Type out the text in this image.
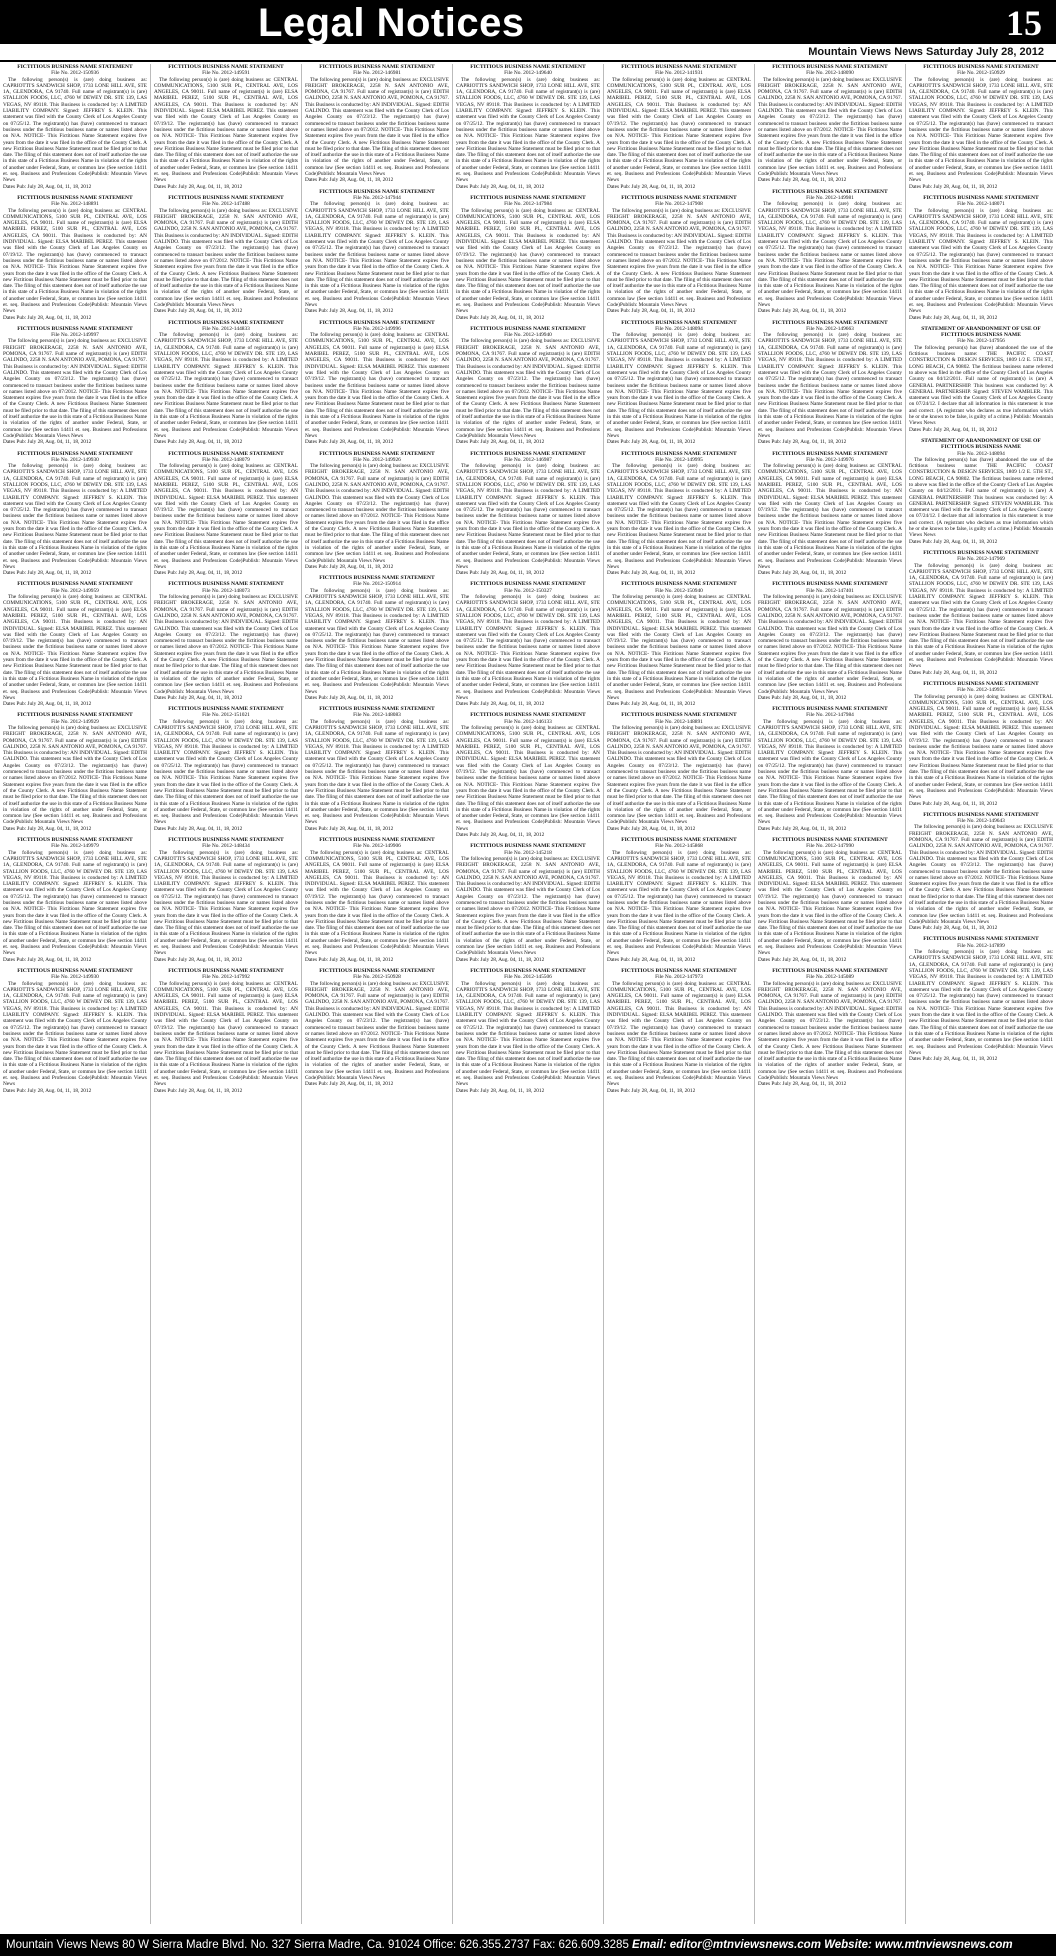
Legal Notices	15
Mountain Views News Saturday July 28, 2012
FICTITIOUS BUSINESS NAME STATEMENT
File No. 2012-150936
The following person(s) is (are) doing business as: CAPRIOTTI'S SANDWICH SHOP, 1733 LONE HILL AVE, STE 1A, GLENDORA, CA 91740. Full name of registrant(s) is (are) STALLION FOODS, LLC, 4760 W DEWEY DR. STE 139, LAS VEGAS, NV 89118. This Business is conducted by: A LIMITED LIABILITY COMPANY. Signed: JEFFREY S. KLEIN. This statement was filed with the County Clerk of Los Angeles County on 07/25/12. The registrant(s) has (have) commenced to transact business under the fictitious business name or names listed above on N/A. NOTICE- This Fictitious Name Statement expires five years from the date it was filed in the office of the County Clerk. A new Fictitious Business Name Statement must be filed prior to that date. The filing of this statement does not of itself authorize the use in this state of a Fictitious Business Name in violation of the rights of another under Federal, State, or common law (See section 14411 et. seq. Business and Professions Code)Publish: Mountain Views News
Dates Pub: July 28, Aug. 04, 11, 18, 2012
FICTITIOUS BUSINESS NAME STATEMENT
File No. 2012-148891
The following person(s) is (are) doing business as: CENTRAL COMMUNICATIONS, 5100 SUR PL, CENTRAL AVE, LOS ANGELES, CA 90011. Full name of registrant(s) is (are) ELSA MARIBEL PEREZ, 5100 SUR PL, CENTRAL AVE, LOS ANGELES, CA 90011. This Business is conducted by: AN INDIVIDUAL. Signed: ELSA MARIBEL PEREZ. This statement was filed with the County Clerk of Los Angeles County on 07/19/12. The registrant(s) has (have) commenced to transact business under the fictitious business name or names listed above on N/A. NOTICE- This Fictitious Name Statement expires five years from the date it was filed in the office of the County Clerk. A new Fictitious Business Name Statement must be filed prior to that date. The filing of this statement does not of itself authorize the use in this state of a Fictitious Business Name in violation of the rights of another under Federal, State, or common law (See section 14411 et. seq. Business and Professions Code)Publish: Mountain Views News
Dates Pub: July 28, Aug. 04, 11, 18, 2012
FICTITIOUS BUSINESS NAME STATEMENT
File No. 2012-149997
The following person(s) is (are) doing business as: EXCLUSIVE FREIGHT BROKERAGE, 2258 N. SAN ANTONIO AVE, POMONA, CA 91767. Full name of registrant(s) is (are) EDITH GALINDO, 2258 N. SAN ANTONIO AVE, POMONA, CA 91767. This Business is conducted by: AN INDIVIDUAL. Signed: EDITH GALINDO. This statement was filed with the County Clerk of Los Angeles County on 07/23/12. The registrant(s) has (have) commenced to transact business under the fictitious business name or names listed above on 07/2012. NOTICE- This Fictitious Name Statement expires five years from the date it was filed in the office of the County Clerk. A new Fictitious Business Name Statement must be filed prior to that date. The filing of this statement does not of itself authorize the use in this state of a Fictitious Business Name in violation of the rights of another under Federal, State, or common law (See section 14411 et. seq. Business and Professions Code)Publish: Mountain Views News
Dates Pub: July 28, Aug. 04, 11, 18, 2012
FICTITIOUS BUSINESS NAME STATEMENT
File No. 2012-149930
The following person(s) is (are) doing business as: CAPRIOTTI'S SANDWICH SHOP, 1733 LONE HILL AVE, STE 1A, GLENDORA, CA 91740. Full name of registrant(s) is (are) STALLION FOODS, LLC, 4760 W DEWEY DR. STE 139, LAS VEGAS, NV 89118. This Business is conducted by: A LIMITED LIABILITY COMPANY. Signed: JEFFREY S. KLEIN. This statement was filed with the County Clerk of Los Angeles County on 07/25/12. The registrant(s) has (have) commenced to transact business under the fictitious business name or names listed above on N/A. NOTICE- This Fictitious Name Statement expires five years from the date it was filed in the office of the County Clerk. A new Fictitious Business Name Statement must be filed prior to that date. The filing of this statement does not of itself authorize the use in this state of a Fictitious Business Name in violation of the rights of another under Federal, State, or common law (See section 14411 et. seq. Business and Professions Code)Publish: Mountain Views News
Dates Pub: July 28, Aug. 04, 11, 18, 2012
FICTITIOUS BUSINESS NAME STATEMENT
File No. 2012-149959
The following person(s) is (are) doing business as: CENTRAL COMMUNICATIONS, 5100 SUR PL, CENTRAL AVE, LOS ANGELES, CA 90011. Full name of registrant(s) is (are) ELSA MARIBEL PEREZ, 5100 SUR PL, CENTRAL AVE, LOS ANGELES, CA 90011. This Business is conducted by: AN INDIVIDUAL. Signed: ELSA MARIBEL PEREZ. This statement was filed with the County Clerk of Los Angeles County on 07/19/12. The registrant(s) has (have) commenced to transact business under the fictitious business name or names listed above on N/A. NOTICE- This Fictitious Name Statement expires five years from the date it was filed in the office of the County Clerk. A new Fictitious Business Name Statement must be filed prior to that date. The filing of this statement does not of itself authorize the use in this state of a Fictitious Business Name in violation of the rights of another under Federal, State, or common law (See section 14411 et. seq. Business and Professions Code)Publish: Mountain Views News
Dates Pub: July 28, Aug. 04, 11, 18, 2012
FICTITIOUS BUSINESS NAME STATEMENT
File No. 2012-149929
The following person(s) is (are) doing business as: EXCLUSIVE FREIGHT BROKERAGE, 2258 N. SAN ANTONIO AVE, POMONA, CA 91767. Full name of registrant(s) is (are) EDITH GALINDO, 2258 N. SAN ANTONIO AVE, POMONA, CA 91767. This Business is conducted by: AN INDIVIDUAL. Signed: EDITH GALINDO. This statement was filed with the County Clerk of Los Angeles County on 07/23/12. The registrant(s) has (have) commenced to transact business under the fictitious business name or names listed above on 07/2012. NOTICE- This Fictitious Name Statement expires five years from the date it was filed in the office of the County Clerk. A new Fictitious Business Name Statement must be filed prior to that date. The filing of this statement does not of itself authorize the use in this state of a Fictitious Business Name in violation of the rights of another under Federal, State, or common law (See section 14411 et. seq. Business and Professions Code)Publish: Mountain Views News
Dates Pub: July 28, Aug. 04, 11, 18, 2012
FICTITIOUS BUSINESS NAME STATEMENT
File No. 2012-149979
The following person(s) is (are) doing business as: CAPRIOTTI'S SANDWICH SHOP, 1733 LONE HILL AVE, STE 1A, GLENDORA, CA 91740. Full name of registrant(s) is (are) STALLION FOODS, LLC, 4760 W DEWEY DR. STE 139, LAS VEGAS, NV 89118. This Business is conducted by: A LIMITED LIABILITY COMPANY. Signed: JEFFREY S. KLEIN. This statement was filed with the County Clerk of Los Angeles County on 07/25/12. The registrant(s) has (have) commenced to transact business under the fictitious business name or names listed above on N/A. NOTICE- This Fictitious Name Statement expires five years from the date it was filed in the office of the County Clerk. A new Fictitious Business Name Statement must be filed prior to that date. The filing of this statement does not of itself authorize the use in this state of a Fictitious Business Name in violation of the rights of another under Federal, State, or common law (See section 14411 et. seq. Business and Professions Code)Publish: Mountain Views News
Dates Pub: July 28, Aug. 04, 11, 18, 2012
FICTITIOUS BUSINESS NAME STATEMENT
File No. 2012-149930
The following person(s) is (are) doing business as: CAPRIOTTI'S SANDWICH SHOP, 1733 LONE HILL AVE, STE 1A, GLENDORA, CA 91740. Full name of registrant(s) is (are) STALLION FOODS, LLC, 4760 W DEWEY DR. STE 139, LAS VEGAS, NV 89118. This Business is conducted by: A LIMITED LIABILITY COMPANY. Signed: JEFFREY S. KLEIN. This statement was filed with the County Clerk of Los Angeles County on 07/25/12. The registrant(s) has (have) commenced to transact business under the fictitious business name or names listed above on N/A. NOTICE- This Fictitious Name Statement expires five years from the date it was filed in the office of the County Clerk. A new Fictitious Business Name Statement must be filed prior to that date. The filing of this statement does not of itself authorize the use in this state of a Fictitious Business Name in violation of the rights of another under Federal, State, or common law (See section 14411 et. seq. Business and Professions Code)Publish: Mountain Views News
Dates Pub: July 28, Aug. 04, 11, 18, 2012
FICTITIOUS BUSINESS NAME STATEMENT
File No. 2012-149591
The following person(s) is (are) doing business as: CENTRAL COMMUNICATIONS, 5100 SUR PL, CENTRAL AVE, LOS ANGELES, CA 90011. Full name of registrant(s) is (are) ELSA MARIBEL PEREZ, 5100 SUR PL, CENTRAL AVE, LOS ANGELES, CA 90011. This Business is conducted by: AN INDIVIDUAL. Signed: ELSA MARIBEL PEREZ. This statement was filed with the County Clerk of Los Angeles County on 07/19/12. The registrant(s) has (have) commenced to transact business under the fictitious business name or names listed above on N/A. NOTICE- This Fictitious Name Statement expires five years from the date it was filed in the office of the County Clerk. A new Fictitious Business Name Statement must be filed prior to that date. The filing of this statement does not of itself authorize the use in this state of a Fictitious Business Name in violation of the rights of another under Federal, State, or common law (See section 14411 et. seq. Business and Professions Code)Publish: Mountain Views News
Dates Pub: July 28, Aug. 04, 11, 18, 2012
FICTITIOUS BUSINESS NAME STATEMENT
File No. 2012-147488
The following person(s) is (are) doing business as: EXCLUSIVE FREIGHT BROKERAGE, 2258 N. SAN ANTONIO AVE, POMONA, CA 91767. Full name of registrant(s) is (are) EDITH GALINDO, 2258 N. SAN ANTONIO AVE, POMONA, CA 91767. This Business is conducted by: AN INDIVIDUAL. Signed: EDITH GALINDO. This statement was filed with the County Clerk of Los Angeles County on 07/23/12. The registrant(s) has (have) commenced to transact business under the fictitious business name or names listed above on 07/2012. NOTICE- This Fictitious Name Statement expires five years from the date it was filed in the office of the County Clerk. A new Fictitious Business Name Statement must be filed prior to that date. The filing of this statement does not of itself authorize the use in this state of a Fictitious Business Name in violation of the rights of another under Federal, State, or common law (See section 14411 et. seq. Business and Professions Code)Publish: Mountain Views News
Dates Pub: July 28, Aug. 04, 11, 18, 2012
FICTITIOUS BUSINESS NAME STATEMENT
File No. 2012-144833
The following person(s) is (are) doing business as: CAPRIOTTI'S SANDWICH SHOP, 1733 LONE HILL AVE, STE 1A, GLENDORA, CA 91740. Full name of registrant(s) is (are) STALLION FOODS, LLC, 4760 W DEWEY DR. STE 139, LAS VEGAS, NV 89118. This Business is conducted by: A LIMITED LIABILITY COMPANY. Signed: JEFFREY S. KLEIN. This statement was filed with the County Clerk of Los Angeles County on 07/25/12. The registrant(s) has (have) commenced to transact business under the fictitious business name or names listed above on N/A. NOTICE- This Fictitious Name Statement expires five years from the date it was filed in the office of the County Clerk. A new Fictitious Business Name Statement must be filed prior to that date. The filing of this statement does not of itself authorize the use in this state of a Fictitious Business Name in violation of the rights of another under Federal, State, or common law (See section 14411 et. seq. Business and Professions Code)Publish: Mountain Views News
Dates Pub: July 28, Aug. 04, 11, 18, 2012
FICTITIOUS BUSINESS NAME STATEMENT
File No. 2012-148079
The following person(s) is (are) doing business as: CENTRAL COMMUNICATIONS, 5100 SUR PL, CENTRAL AVE, LOS ANGELES, CA 90011. Full name of registrant(s) is (are) ELSA MARIBEL PEREZ, 5100 SUR PL, CENTRAL AVE, LOS ANGELES, CA 90011. This Business is conducted by: AN INDIVIDUAL. Signed: ELSA MARIBEL PEREZ. This statement was filed with the County Clerk of Los Angeles County on 07/19/12. The registrant(s) has (have) commenced to transact business under the fictitious business name or names listed above on N/A. NOTICE- This Fictitious Name Statement expires five years from the date it was filed in the office of the County Clerk. A new Fictitious Business Name Statement must be filed prior to that date. The filing of this statement does not of itself authorize the use in this state of a Fictitious Business Name in violation of the rights of another under Federal, State, or common law (See section 14411 et. seq. Business and Professions Code)Publish: Mountain Views News
Dates Pub: July 28, Aug. 04, 11, 18, 2012
FICTITIOUS BUSINESS NAME STATEMENT
File No. 2012-148073
The following person(s) is (are) doing business as: EXCLUSIVE FREIGHT BROKERAGE, 2258 N. SAN ANTONIO AVE, POMONA, CA 91767. Full name of registrant(s) is (are) EDITH GALINDO, 2258 N. SAN ANTONIO AVE, POMONA, CA 91767. This Business is conducted by: AN INDIVIDUAL. Signed: EDITH GALINDO. This statement was filed with the County Clerk of Los Angeles County on 07/23/12. The registrant(s) has (have) commenced to transact business under the fictitious business name or names listed above on 07/2012. NOTICE- This Fictitious Name Statement expires five years from the date it was filed in the office of the County Clerk. A new Fictitious Business Name Statement must be filed prior to that date. The filing of this statement does not of itself authorize the use in this state of a Fictitious Business Name in violation of the rights of another under Federal, State, or common law (See section 14411 et. seq. Business and Professions Code)Publish: Mountain Views News
Dates Pub: July 28, Aug. 04, 11, 18, 2012
FICTITIOUS BUSINESS NAME STATEMENT
File No. 2012-151021
The following person(s) is (are) doing business as: CAPRIOTTI'S SANDWICH SHOP, 1733 LONE HILL AVE, STE 1A, GLENDORA, CA 91740. Full name of registrant(s) is (are) STALLION FOODS, LLC, 4760 W DEWEY DR. STE 139, LAS VEGAS, NV 89118. This Business is conducted by: A LIMITED LIABILITY COMPANY. Signed: JEFFREY S. KLEIN. This statement was filed with the County Clerk of Los Angeles County on 07/25/12. The registrant(s) has (have) commenced to transact business under the fictitious business name or names listed above on N/A. NOTICE- This Fictitious Name Statement expires five years from the date it was filed in the office of the County Clerk. A new Fictitious Business Name Statement must be filed prior to that date. The filing of this statement does not of itself authorize the use in this state of a Fictitious Business Name in violation of the rights of another under Federal, State, or common law (See section 14411 et. seq. Business and Professions Code)Publish: Mountain Views News
Dates Pub: July 28, Aug. 04, 11, 18, 2012
FICTITIOUS BUSINESS NAME STATEMENT
File No. 2012-148434
The following person(s) is (are) doing business as: CAPRIOTTI'S SANDWICH SHOP, 1733 LONE HILL AVE, STE 1A, GLENDORA, CA 91740. Full name of registrant(s) is (are) STALLION FOODS, LLC, 4760 W DEWEY DR. STE 139, LAS VEGAS, NV 89118. This Business is conducted by: A LIMITED LIABILITY COMPANY. Signed: JEFFREY S. KLEIN. This statement was filed with the County Clerk of Los Angeles County on 07/25/12. The registrant(s) has (have) commenced to transact business under the fictitious business name or names listed above on N/A. NOTICE- This Fictitious Name Statement expires five years from the date it was filed in the office of the County Clerk. A new Fictitious Business Name Statement must be filed prior to that date. The filing of this statement does not of itself authorize the use in this state of a Fictitious Business Name in violation of the rights of another under Federal, State, or common law (See section 14411 et. seq. Business and Professions Code)Publish: Mountain Views News
Dates Pub: July 28, Aug. 04, 11, 18, 2012
FICTITIOUS BUSINESS NAME STATEMENT
File No. 2012-147992
The following person(s) is (are) doing business as: CENTRAL COMMUNICATIONS, 5100 SUR PL, CENTRAL AVE, LOS ANGELES, CA 90011. Full name of registrant(s) is (are) ELSA MARIBEL PEREZ, 5100 SUR PL, CENTRAL AVE, LOS ANGELES, CA 90011. This Business is conducted by: AN INDIVIDUAL. Signed: ELSA MARIBEL PEREZ. This statement was filed with the County Clerk of Los Angeles County on 07/19/12. The registrant(s) has (have) commenced to transact business under the fictitious business name or names listed above on N/A. NOTICE- This Fictitious Name Statement expires five years from the date it was filed in the office of the County Clerk. A new Fictitious Business Name Statement must be filed prior to that date. The filing of this statement does not of itself authorize the use in this state of a Fictitious Business Name in violation of the rights of another under Federal, State, or common law (See section 14411 et. seq. Business and Professions Code)Publish: Mountain Views News
Dates Pub: July 28, Aug. 04, 11, 18, 2012
FICTITIOUS BUSINESS NAME STATEMENT
File No. 2012-146981
The following person(s) is (are) doing business as: EXCLUSIVE FREIGHT BROKERAGE, 2258 N. SAN ANTONIO AVE, POMONA, CA 91767. Full name of registrant(s) is (are) EDITH GALINDO, 2258 N. SAN ANTONIO AVE, POMONA, CA 91767. This Business is conducted by: AN INDIVIDUAL. Signed: EDITH GALINDO. This statement was filed with the County Clerk of Los Angeles County on 07/23/12. The registrant(s) has (have) commenced to transact business under the fictitious business name or names listed above on 07/2012. NOTICE- This Fictitious Name Statement expires five years from the date it was filed in the office of the County Clerk. A new Fictitious Business Name Statement must be filed prior to that date. The filing of this statement does not of itself authorize the use in this state of a Fictitious Business Name in violation of the rights of another under Federal, State, or common law (See section 14411 et. seq. Business and Professions Code)Publish: Mountain Views News
Dates Pub: July 28, Aug. 04, 11, 18, 2012
FICTITIOUS BUSINESS NAME STATEMENT
File No. 2012-147944
The following person(s) is (are) doing business as: CAPRIOTTI'S SANDWICH SHOP, 1733 LONE HILL AVE, STE 1A, GLENDORA, CA 91740. Full name of registrant(s) is (are) STALLION FOODS, LLC, 4760 W DEWEY DR. STE 139, LAS VEGAS, NV 89118. This Business is conducted by: A LIMITED LIABILITY COMPANY. Signed: JEFFREY S. KLEIN. This statement was filed with the County Clerk of Los Angeles County on 07/25/12. The registrant(s) has (have) commenced to transact business under the fictitious business name or names listed above on N/A. NOTICE- This Fictitious Name Statement expires five years from the date it was filed in the office of the County Clerk. A new Fictitious Business Name Statement must be filed prior to that date. The filing of this statement does not of itself authorize the use in this state of a Fictitious Business Name in violation of the rights of another under Federal, State, or common law (See section 14411 et. seq. Business and Professions Code)Publish: Mountain Views News
Dates Pub: July 28, Aug. 04, 11, 18, 2012
FICTITIOUS BUSINESS NAME STATEMENT
File No. 2012-149996
The following person(s) is (are) doing business as: CENTRAL COMMUNICATIONS, 5100 SUR PL, CENTRAL AVE, LOS ANGELES, CA 90011. Full name of registrant(s) is (are) ELSA MARIBEL PEREZ, 5100 SUR PL, CENTRAL AVE, LOS ANGELES, CA 90011. This Business is conducted by: AN INDIVIDUAL. Signed: ELSA MARIBEL PEREZ. This statement was filed with the County Clerk of Los Angeles County on 07/19/12. The registrant(s) has (have) commenced to transact business under the fictitious business name or names listed above on N/A. NOTICE- This Fictitious Name Statement expires five years from the date it was filed in the office of the County Clerk. A new Fictitious Business Name Statement must be filed prior to that date. The filing of this statement does not of itself authorize the use in this state of a Fictitious Business Name in violation of the rights of another under Federal, State, or common law (See section 14411 et. seq. Business and Professions Code)Publish: Mountain Views News
Dates Pub: July 28, Aug. 04, 11, 18, 2012
FICTITIOUS BUSINESS NAME STATEMENT
File No. 2012-149926
The following person(s) is (are) doing business as: EXCLUSIVE FREIGHT BROKERAGE, 2258 N. SAN ANTONIO AVE, POMONA, CA 91767. Full name of registrant(s) is (are) EDITH GALINDO, 2258 N. SAN ANTONIO AVE, POMONA, CA 91767. This Business is conducted by: AN INDIVIDUAL. Signed: EDITH GALINDO. This statement was filed with the County Clerk of Los Angeles County on 07/23/12. The registrant(s) has (have) commenced to transact business under the fictitious business name or names listed above on 07/2012. NOTICE- This Fictitious Name Statement expires five years from the date it was filed in the office of the County Clerk. A new Fictitious Business Name Statement must be filed prior to that date. The filing of this statement does not of itself authorize the use in this state of a Fictitious Business Name in violation of the rights of another under Federal, State, or common law (See section 14411 et. seq. Business and Professions Code)Publish: Mountain Views News
Dates Pub: July 28, Aug. 04, 11, 18, 2012
FICTITIOUS BUSINESS NAME STATEMENT
File No. 2012-150914
The following person(s) is (are) doing business as: CAPRIOTTI'S SANDWICH SHOP, 1733 LONE HILL AVE, STE 1A, GLENDORA, CA 91740. Full name of registrant(s) is (are) STALLION FOODS, LLC, 4760 W DEWEY DR. STE 139, LAS VEGAS, NV 89118. This Business is conducted by: A LIMITED LIABILITY COMPANY. Signed: JEFFREY S. KLEIN. This statement was filed with the County Clerk of Los Angeles County on 07/25/12. The registrant(s) has (have) commenced to transact business under the fictitious business name or names listed above on N/A. NOTICE- This Fictitious Name Statement expires five years from the date it was filed in the office of the County Clerk. A new Fictitious Business Name Statement must be filed prior to that date. The filing of this statement does not of itself authorize the use in this state of a Fictitious Business Name in violation of the rights of another under Federal, State, or common law (See section 14411 et. seq. Business and Professions Code)Publish: Mountain Views News
Dates Pub: July 28, Aug. 04, 11, 18, 2012
FICTITIOUS BUSINESS NAME STATEMENT
File No. 2012-148083
The following person(s) is (are) doing business as: CAPRIOTTI'S SANDWICH SHOP, 1733 LONE HILL AVE, STE 1A, GLENDORA, CA 91740. Full name of registrant(s) is (are) STALLION FOODS, LLC, 4760 W DEWEY DR. STE 139, LAS VEGAS, NV 89118. This Business is conducted by: A LIMITED LIABILITY COMPANY. Signed: JEFFREY S. KLEIN. This statement was filed with the County Clerk of Los Angeles County on 07/25/12. The registrant(s) has (have) commenced to transact business under the fictitious business name or names listed above on N/A. NOTICE- This Fictitious Name Statement expires five years from the date it was filed in the office of the County Clerk. A new Fictitious Business Name Statement must be filed prior to that date. The filing of this statement does not of itself authorize the use in this state of a Fictitious Business Name in violation of the rights of another under Federal, State, or common law (See section 14411 et. seq. Business and Professions Code)Publish: Mountain Views News
Dates Pub: July 28, Aug. 04, 11, 18, 2012
FICTITIOUS BUSINESS NAME STATEMENT
File No. 2012-149906
The following person(s) is (are) doing business as: CENTRAL COMMUNICATIONS, 5100 SUR PL, CENTRAL AVE, LOS ANGELES, CA 90011. Full name of registrant(s) is (are) ELSA MARIBEL PEREZ, 5100 SUR PL, CENTRAL AVE, LOS ANGELES, CA 90011. This Business is conducted by: AN INDIVIDUAL. Signed: ELSA MARIBEL PEREZ. This statement was filed with the County Clerk of Los Angeles County on 07/19/12. The registrant(s) has (have) commenced to transact business under the fictitious business name or names listed above on N/A. NOTICE- This Fictitious Name Statement expires five years from the date it was filed in the office of the County Clerk. A new Fictitious Business Name Statement must be filed prior to that date. The filing of this statement does not of itself authorize the use in this state of a Fictitious Business Name in violation of the rights of another under Federal, State, or common law (See section 14411 et. seq. Business and Professions Code)Publish: Mountain Views News
Dates Pub: July 28, Aug. 04, 11, 18, 2012
FICTITIOUS BUSINESS NAME STATEMENT
File No. 2012-150928
The following person(s) is (are) doing business as: EXCLUSIVE FREIGHT BROKERAGE, 2258 N. SAN ANTONIO AVE, POMONA, CA 91767. Full name of registrant(s) is (are) EDITH GALINDO, 2258 N. SAN ANTONIO AVE, POMONA, CA 91767. This Business is conducted by: AN INDIVIDUAL. Signed: EDITH GALINDO. This statement was filed with the County Clerk of Los Angeles County on 07/23/12. The registrant(s) has (have) commenced to transact business under the fictitious business name or names listed above on 07/2012. NOTICE- This Fictitious Name Statement expires five years from the date it was filed in the office of the County Clerk. A new Fictitious Business Name Statement must be filed prior to that date. The filing of this statement does not of itself authorize the use in this state of a Fictitious Business Name in violation of the rights of another under Federal, State, or common law (See section 14411 et. seq. Business and Professions Code)Publish: Mountain Views News
Dates Pub: July 28, Aug. 04, 11, 18, 2012
FICTITIOUS BUSINESS NAME STATEMENT
File No. 2012-149640
The following person(s) is (are) doing business as: CAPRIOTTI'S SANDWICH SHOP, 1733 LONE HILL AVE, STE 1A, GLENDORA, CA 91740. Full name of registrant(s) is (are) STALLION FOODS, LLC, 4760 W DEWEY DR. STE 139, LAS VEGAS, NV 89118. This Business is conducted by: A LIMITED LIABILITY COMPANY. Signed: JEFFREY S. KLEIN. This statement was filed with the County Clerk of Los Angeles County on 07/25/12. The registrant(s) has (have) commenced to transact business under the fictitious business name or names listed above on N/A. NOTICE- This Fictitious Name Statement expires five years from the date it was filed in the office of the County Clerk. A new Fictitious Business Name Statement must be filed prior to that date. The filing of this statement does not of itself authorize the use in this state of a Fictitious Business Name in violation of the rights of another under Federal, State, or common law (See section 14411 et. seq. Business and Professions Code)Publish: Mountain Views News
Dates Pub: July 28, Aug. 04, 11, 18, 2012
FICTITIOUS BUSINESS NAME STATEMENT
File No. 2012-147984
The following person(s) is (are) doing business as: CENTRAL COMMUNICATIONS, 5100 SUR PL, CENTRAL AVE, LOS ANGELES, CA 90011. Full name of registrant(s) is (are) ELSA MARIBEL PEREZ, 5100 SUR PL, CENTRAL AVE, LOS ANGELES, CA 90011. This Business is conducted by: AN INDIVIDUAL. Signed: ELSA MARIBEL PEREZ. This statement was filed with the County Clerk of Los Angeles County on 07/19/12. The registrant(s) has (have) commenced to transact business under the fictitious business name or names listed above on N/A. NOTICE- This Fictitious Name Statement expires five years from the date it was filed in the office of the County Clerk. A new Fictitious Business Name Statement must be filed prior to that date. The filing of this statement does not of itself authorize the use in this state of a Fictitious Business Name in violation of the rights of another under Federal, State, or common law (See section 14411 et. seq. Business and Professions Code)Publish: Mountain Views News
Dates Pub: July 28, Aug. 04, 11, 18, 2012
FICTITIOUS BUSINESS NAME STATEMENT
File No. 2012-149940
The following person(s) is (are) doing business as: EXCLUSIVE FREIGHT BROKERAGE, 2258 N. SAN ANTONIO AVE, POMONA, CA 91767. Full name of registrant(s) is (are) EDITH GALINDO, 2258 N. SAN ANTONIO AVE, POMONA, CA 91767. This Business is conducted by: AN INDIVIDUAL. Signed: EDITH GALINDO. This statement was filed with the County Clerk of Los Angeles County on 07/23/12. The registrant(s) has (have) commenced to transact business under the fictitious business name or names listed above on 07/2012. NOTICE- This Fictitious Name Statement expires five years from the date it was filed in the office of the County Clerk. A new Fictitious Business Name Statement must be filed prior to that date. The filing of this statement does not of itself authorize the use in this state of a Fictitious Business Name in violation of the rights of another under Federal, State, or common law (See section 14411 et. seq. Business and Professions Code)Publish: Mountain Views News
Dates Pub: July 28, Aug. 04, 11, 18, 2012
FICTITIOUS BUSINESS NAME STATEMENT
File No. 2012-146987
The following person(s) is (are) doing business as: CAPRIOTTI'S SANDWICH SHOP, 1733 LONE HILL AVE, STE 1A, GLENDORA, CA 91740. Full name of registrant(s) is (are) STALLION FOODS, LLC, 4760 W DEWEY DR. STE 139, LAS VEGAS, NV 89118. This Business is conducted by: A LIMITED LIABILITY COMPANY. Signed: JEFFREY S. KLEIN. This statement was filed with the County Clerk of Los Angeles County on 07/25/12. The registrant(s) has (have) commenced to transact business under the fictitious business name or names listed above on N/A. NOTICE- This Fictitious Name Statement expires five years from the date it was filed in the office of the County Clerk. A new Fictitious Business Name Statement must be filed prior to that date. The filing of this statement does not of itself authorize the use in this state of a Fictitious Business Name in violation of the rights of another under Federal, State, or common law (See section 14411 et. seq. Business and Professions Code)Publish: Mountain Views News
Dates Pub: July 28, Aug. 04, 11, 18, 2012
FICTITIOUS BUSINESS NAME STATEMENT
File No. 2012-150327
The following person(s) is (are) doing business as: CAPRIOTTI'S SANDWICH SHOP, 1733 LONE HILL AVE, STE 1A, GLENDORA, CA 91740. Full name of registrant(s) is (are) STALLION FOODS, LLC, 4760 W DEWEY DR. STE 139, LAS VEGAS, NV 89118. This Business is conducted by: A LIMITED LIABILITY COMPANY. Signed: JEFFREY S. KLEIN. This statement was filed with the County Clerk of Los Angeles County on 07/25/12. The registrant(s) has (have) commenced to transact business under the fictitious business name or names listed above on N/A. NOTICE- This Fictitious Name Statement expires five years from the date it was filed in the office of the County Clerk. A new Fictitious Business Name Statement must be filed prior to that date. The filing of this statement does not of itself authorize the use in this state of a Fictitious Business Name in violation of the rights of another under Federal, State, or common law (See section 14411 et. seq. Business and Professions Code)Publish: Mountain Views News
Dates Pub: July 28, Aug. 04, 11, 18, 2012
FICTITIOUS BUSINESS NAME STATEMENT
File No. 2012-146133
The following person(s) is (are) doing business as: CENTRAL COMMUNICATIONS, 5100 SUR PL, CENTRAL AVE, LOS ANGELES, CA 90011. Full name of registrant(s) is (are) ELSA MARIBEL PEREZ, 5100 SUR PL, CENTRAL AVE, LOS ANGELES, CA 90011. This Business is conducted by: AN INDIVIDUAL. Signed: ELSA MARIBEL PEREZ. This statement was filed with the County Clerk of Los Angeles County on 07/19/12. The registrant(s) has (have) commenced to transact business under the fictitious business name or names listed above on N/A. NOTICE- This Fictitious Name Statement expires five years from the date it was filed in the office of the County Clerk. A new Fictitious Business Name Statement must be filed prior to that date. The filing of this statement does not of itself authorize the use in this state of a Fictitious Business Name in violation of the rights of another under Federal, State, or common law (See section 14411 et. seq. Business and Professions Code)Publish: Mountain Views News
Dates Pub: July 28, Aug. 04, 11, 18, 2012
FICTITIOUS BUSINESS NAME STATEMENT
File No. 2012-145218
The following person(s) is (are) doing business as: EXCLUSIVE FREIGHT BROKERAGE, 2258 N. SAN ANTONIO AVE, POMONA, CA 91767. Full name of registrant(s) is (are) EDITH GALINDO, 2258 N. SAN ANTONIO AVE, POMONA, CA 91767. This Business is conducted by: AN INDIVIDUAL. Signed: EDITH GALINDO. This statement was filed with the County Clerk of Los Angeles County on 07/23/12. The registrant(s) has (have) commenced to transact business under the fictitious business name or names listed above on 07/2012. NOTICE- This Fictitious Name Statement expires five years from the date it was filed in the office of the County Clerk. A new Fictitious Business Name Statement must be filed prior to that date. The filing of this statement does not of itself authorize the use in this state of a Fictitious Business Name in violation of the rights of another under Federal, State, or common law (See section 14411 et. seq. Business and Professions Code)Publish: Mountain Views News
Dates Pub: July 28, Aug. 04, 11, 18, 2012
FICTITIOUS BUSINESS NAME STATEMENT
File No. 2012-145506
The following person(s) is (are) doing business as: CAPRIOTTI'S SANDWICH SHOP, 1733 LONE HILL AVE, STE 1A, GLENDORA, CA 91740. Full name of registrant(s) is (are) STALLION FOODS, LLC, 4760 W DEWEY DR. STE 139, LAS VEGAS, NV 89118. This Business is conducted by: A LIMITED LIABILITY COMPANY. Signed: JEFFREY S. KLEIN. This statement was filed with the County Clerk of Los Angeles County on 07/25/12. The registrant(s) has (have) commenced to transact business under the fictitious business name or names listed above on N/A. NOTICE- This Fictitious Name Statement expires five years from the date it was filed in the office of the County Clerk. A new Fictitious Business Name Statement must be filed prior to that date. The filing of this statement does not of itself authorize the use in this state of a Fictitious Business Name in violation of the rights of another under Federal, State, or common law (See section 14411 et. seq. Business and Professions Code)Publish: Mountain Views News
Dates Pub: July 28, Aug. 04, 11, 18, 2012
FICTITIOUS BUSINESS NAME STATEMENT
File No. 2012-141931
The following person(s) is (are) doing business as: CENTRAL COMMUNICATIONS, 5100 SUR PL, CENTRAL AVE, LOS ANGELES, CA 90011. Full name of registrant(s) is (are) ELSA MARIBEL PEREZ, 5100 SUR PL, CENTRAL AVE, LOS ANGELES, CA 90011. This Business is conducted by: AN INDIVIDUAL. Signed: ELSA MARIBEL PEREZ. This statement was filed with the County Clerk of Los Angeles County on 07/19/12. The registrant(s) has (have) commenced to transact business under the fictitious business name or names listed above on N/A. NOTICE- This Fictitious Name Statement expires five years from the date it was filed in the office of the County Clerk. A new Fictitious Business Name Statement must be filed prior to that date. The filing of this statement does not of itself authorize the use in this state of a Fictitious Business Name in violation of the rights of another under Federal, State, or common law (See section 14411 et. seq. Business and Professions Code)Publish: Mountain Views News
Dates Pub: July 28, Aug. 04, 11, 18, 2012
FICTITIOUS BUSINESS NAME STATEMENT
File No. 2012-147908
The following person(s) is (are) doing business as: EXCLUSIVE FREIGHT BROKERAGE, 2258 N. SAN ANTONIO AVE, POMONA, CA 91767. Full name of registrant(s) is (are) EDITH GALINDO, 2258 N. SAN ANTONIO AVE, POMONA, CA 91767. This Business is conducted by: AN INDIVIDUAL. Signed: EDITH GALINDO. This statement was filed with the County Clerk of Los Angeles County on 07/23/12. The registrant(s) has (have) commenced to transact business under the fictitious business name or names listed above on 07/2012. NOTICE- This Fictitious Name Statement expires five years from the date it was filed in the office of the County Clerk. A new Fictitious Business Name Statement must be filed prior to that date. The filing of this statement does not of itself authorize the use in this state of a Fictitious Business Name in violation of the rights of another under Federal, State, or common law (See section 14411 et. seq. Business and Professions Code)Publish: Mountain Views News
Dates Pub: July 28, Aug. 04, 11, 18, 2012
FICTITIOUS BUSINESS NAME STATEMENT
File No. 2012-148094
The following person(s) is (are) doing business as: CAPRIOTTI'S SANDWICH SHOP, 1733 LONE HILL AVE, STE 1A, GLENDORA, CA 91740. Full name of registrant(s) is (are) STALLION FOODS, LLC, 4760 W DEWEY DR. STE 139, LAS VEGAS, NV 89118. This Business is conducted by: A LIMITED LIABILITY COMPANY. Signed: JEFFREY S. KLEIN. This statement was filed with the County Clerk of Los Angeles County on 07/25/12. The registrant(s) has (have) commenced to transact business under the fictitious business name or names listed above on N/A. NOTICE- This Fictitious Name Statement expires five years from the date it was filed in the office of the County Clerk. A new Fictitious Business Name Statement must be filed prior to that date. The filing of this statement does not of itself authorize the use in this state of a Fictitious Business Name in violation of the rights of another under Federal, State, or common law (See section 14411 et. seq. Business and Professions Code)Publish: Mountain Views News
Dates Pub: July 28, Aug. 04, 11, 18, 2012
FICTITIOUS BUSINESS NAME STATEMENT
File No. 2012-149995
The following person(s) is (are) doing business as: CAPRIOTTI'S SANDWICH SHOP, 1733 LONE HILL AVE, STE 1A, GLENDORA, CA 91740. Full name of registrant(s) is (are) STALLION FOODS, LLC, 4760 W DEWEY DR. STE 139, LAS VEGAS, NV 89118. This Business is conducted by: A LIMITED LIABILITY COMPANY. Signed: JEFFREY S. KLEIN. This statement was filed with the County Clerk of Los Angeles County on 07/25/12. The registrant(s) has (have) commenced to transact business under the fictitious business name or names listed above on N/A. NOTICE- This Fictitious Name Statement expires five years from the date it was filed in the office of the County Clerk. A new Fictitious Business Name Statement must be filed prior to that date. The filing of this statement does not of itself authorize the use in this state of a Fictitious Business Name in violation of the rights of another under Federal, State, or common law (See section 14411 et. seq. Business and Professions Code)Publish: Mountain Views News
Dates Pub: July 28, Aug. 04, 11, 18, 2012
FICTITIOUS BUSINESS NAME STATEMENT
File No. 2012-150940
The following person(s) is (are) doing business as: CENTRAL COMMUNICATIONS, 5100 SUR PL, CENTRAL AVE, LOS ANGELES, CA 90011. Full name of registrant(s) is (are) ELSA MARIBEL PEREZ, 5100 SUR PL, CENTRAL AVE, LOS ANGELES, CA 90011. This Business is conducted by: AN INDIVIDUAL. Signed: ELSA MARIBEL PEREZ. This statement was filed with the County Clerk of Los Angeles County on 07/19/12. The registrant(s) has (have) commenced to transact business under the fictitious business name or names listed above on N/A. NOTICE- This Fictitious Name Statement expires five years from the date it was filed in the office of the County Clerk. A new Fictitious Business Name Statement must be filed prior to that date. The filing of this statement does not of itself authorize the use in this state of a Fictitious Business Name in violation of the rights of another under Federal, State, or common law (See section 14411 et. seq. Business and Professions Code)Publish: Mountain Views News
Dates Pub: July 28, Aug. 04, 11, 18, 2012
FICTITIOUS BUSINESS NAME STATEMENT
File No. 2012-148891
The following person(s) is (are) doing business as: EXCLUSIVE FREIGHT BROKERAGE, 2258 N. SAN ANTONIO AVE, POMONA, CA 91767. Full name of registrant(s) is (are) EDITH GALINDO, 2258 N. SAN ANTONIO AVE, POMONA, CA 91767. This Business is conducted by: AN INDIVIDUAL. Signed: EDITH GALINDO. This statement was filed with the County Clerk of Los Angeles County on 07/23/12. The registrant(s) has (have) commenced to transact business under the fictitious business name or names listed above on 07/2012. NOTICE- This Fictitious Name Statement expires five years from the date it was filed in the office of the County Clerk. A new Fictitious Business Name Statement must be filed prior to that date. The filing of this statement does not of itself authorize the use in this state of a Fictitious Business Name in violation of the rights of another under Federal, State, or common law (See section 14411 et. seq. Business and Professions Code)Publish: Mountain Views News
Dates Pub: July 28, Aug. 04, 11, 18, 2012
FICTITIOUS BUSINESS NAME STATEMENT
File No. 2012-145868
The following person(s) is (are) doing business as: CAPRIOTTI'S SANDWICH SHOP, 1733 LONE HILL AVE, STE 1A, GLENDORA, CA 91740. Full name of registrant(s) is (are) STALLION FOODS, LLC, 4760 W DEWEY DR. STE 139, LAS VEGAS, NV 89118. This Business is conducted by: A LIMITED LIABILITY COMPANY. Signed: JEFFREY S. KLEIN. This statement was filed with the County Clerk of Los Angeles County on 07/25/12. The registrant(s) has (have) commenced to transact business under the fictitious business name or names listed above on N/A. NOTICE- This Fictitious Name Statement expires five years from the date it was filed in the office of the County Clerk. A new Fictitious Business Name Statement must be filed prior to that date. The filing of this statement does not of itself authorize the use in this state of a Fictitious Business Name in violation of the rights of another under Federal, State, or common law (See section 14411 et. seq. Business and Professions Code)Publish: Mountain Views News
Dates Pub: July 28, Aug. 04, 11, 18, 2012
FICTITIOUS BUSINESS NAME STATEMENT
File No. 2012-147973
The following person(s) is (are) doing business as: CENTRAL COMMUNICATIONS, 5100 SUR PL, CENTRAL AVE, LOS ANGELES, CA 90011. Full name of registrant(s) is (are) ELSA MARIBEL PEREZ, 5100 SUR PL, CENTRAL AVE, LOS ANGELES, CA 90011. This Business is conducted by: AN INDIVIDUAL. Signed: ELSA MARIBEL PEREZ. This statement was filed with the County Clerk of Los Angeles County on 07/19/12. The registrant(s) has (have) commenced to transact business under the fictitious business name or names listed above on N/A. NOTICE- This Fictitious Name Statement expires five years from the date it was filed in the office of the County Clerk. A new Fictitious Business Name Statement must be filed prior to that date. The filing of this statement does not of itself authorize the use in this state of a Fictitious Business Name in violation of the rights of another under Federal, State, or common law (See section 14411 et. seq. Business and Professions Code)Publish: Mountain Views News
Dates Pub: July 28, Aug. 04, 11, 18, 2012
FICTITIOUS BUSINESS NAME STATEMENT
File No. 2012-148090
The following person(s) is (are) doing business as: EXCLUSIVE FREIGHT BROKERAGE, 2258 N. SAN ANTONIO AVE, POMONA, CA 91767. Full name of registrant(s) is (are) EDITH GALINDO, 2258 N. SAN ANTONIO AVE, POMONA, CA 91767. This Business is conducted by: AN INDIVIDUAL. Signed: EDITH GALINDO. This statement was filed with the County Clerk of Los Angeles County on 07/23/12. The registrant(s) has (have) commenced to transact business under the fictitious business name or names listed above on 07/2012. NOTICE- This Fictitious Name Statement expires five years from the date it was filed in the office of the County Clerk. A new Fictitious Business Name Statement must be filed prior to that date. The filing of this statement does not of itself authorize the use in this state of a Fictitious Business Name in violation of the rights of another under Federal, State, or common law (See section 14411 et. seq. Business and Professions Code)Publish: Mountain Views News
Dates Pub: July 28, Aug. 04, 11, 18, 2012
FICTITIOUS BUSINESS NAME STATEMENT
File No. 2012-149981
The following person(s) is (are) doing business as: CAPRIOTTI'S SANDWICH SHOP, 1733 LONE HILL AVE, STE 1A, GLENDORA, CA 91740. Full name of registrant(s) is (are) STALLION FOODS, LLC, 4760 W DEWEY DR. STE 139, LAS VEGAS, NV 89118. This Business is conducted by: A LIMITED LIABILITY COMPANY. Signed: JEFFREY S. KLEIN. This statement was filed with the County Clerk of Los Angeles County on 07/25/12. The registrant(s) has (have) commenced to transact business under the fictitious business name or names listed above on N/A. NOTICE- This Fictitious Name Statement expires five years from the date it was filed in the office of the County Clerk. A new Fictitious Business Name Statement must be filed prior to that date. The filing of this statement does not of itself authorize the use in this state of a Fictitious Business Name in violation of the rights of another under Federal, State, or common law (See section 14411 et. seq. Business and Professions Code)Publish: Mountain Views News
Dates Pub: July 28, Aug. 04, 11, 18, 2012
FICTITIOUS BUSINESS NAME STATEMENT
File No. 2012-149663
The following person(s) is (are) doing business as: CAPRIOTTI'S SANDWICH SHOP, 1733 LONE HILL AVE, STE 1A, GLENDORA, CA 91740. Full name of registrant(s) is (are) STALLION FOODS, LLC, 4760 W DEWEY DR. STE 139, LAS VEGAS, NV 89118. This Business is conducted by: A LIMITED LIABILITY COMPANY. Signed: JEFFREY S. KLEIN. This statement was filed with the County Clerk of Los Angeles County on 07/25/12. The registrant(s) has (have) commenced to transact business under the fictitious business name or names listed above on N/A. NOTICE- This Fictitious Name Statement expires five years from the date it was filed in the office of the County Clerk. A new Fictitious Business Name Statement must be filed prior to that date. The filing of this statement does not of itself authorize the use in this state of a Fictitious Business Name in violation of the rights of another under Federal, State, or common law (See section 14411 et. seq. Business and Professions Code)Publish: Mountain Views News
Dates Pub: July 28, Aug. 04, 11, 18, 2012
FICTITIOUS BUSINESS NAME STATEMENT
File No. 2012-149976
The following person(s) is (are) doing business as: CENTRAL COMMUNICATIONS, 5100 SUR PL, CENTRAL AVE, LOS ANGELES, CA 90011. Full name of registrant(s) is (are) ELSA MARIBEL PEREZ, 5100 SUR PL, CENTRAL AVE, LOS ANGELES, CA 90011. This Business is conducted by: AN INDIVIDUAL. Signed: ELSA MARIBEL PEREZ. This statement was filed with the County Clerk of Los Angeles County on 07/19/12. The registrant(s) has (have) commenced to transact business under the fictitious business name or names listed above on N/A. NOTICE- This Fictitious Name Statement expires five years from the date it was filed in the office of the County Clerk. A new Fictitious Business Name Statement must be filed prior to that date. The filing of this statement does not of itself authorize the use in this state of a Fictitious Business Name in violation of the rights of another under Federal, State, or common law (See section 14411 et. seq. Business and Professions Code)Publish: Mountain Views News
Dates Pub: July 28, Aug. 04, 11, 18, 2012
FICTITIOUS BUSINESS NAME STATEMENT
File No. 2012-147401
The following person(s) is (are) doing business as: EXCLUSIVE FREIGHT BROKERAGE, 2258 N. SAN ANTONIO AVE, POMONA, CA 91767. Full name of registrant(s) is (are) EDITH GALINDO, 2258 N. SAN ANTONIO AVE, POMONA, CA 91767. This Business is conducted by: AN INDIVIDUAL. Signed: EDITH GALINDO. This statement was filed with the County Clerk of Los Angeles County on 07/23/12. The registrant(s) has (have) commenced to transact business under the fictitious business name or names listed above on 07/2012. NOTICE- This Fictitious Name Statement expires five years from the date it was filed in the office of the County Clerk. A new Fictitious Business Name Statement must be filed prior to that date. The filing of this statement does not of itself authorize the use in this state of a Fictitious Business Name in violation of the rights of another under Federal, State, or common law (See section 14411 et. seq. Business and Professions Code)Publish: Mountain Views News
Dates Pub: July 28, Aug. 04, 11, 18, 2012
FICTITIOUS BUSINESS NAME STATEMENT
File No. 2012-147984
The following person(s) is (are) doing business as: CAPRIOTTI'S SANDWICH SHOP, 1733 LONE HILL AVE, STE 1A, GLENDORA, CA 91740. Full name of registrant(s) is (are) STALLION FOODS, LLC, 4760 W DEWEY DR. STE 139, LAS VEGAS, NV 89118. This Business is conducted by: A LIMITED LIABILITY COMPANY. Signed: JEFFREY S. KLEIN. This statement was filed with the County Clerk of Los Angeles County on 07/25/12. The registrant(s) has (have) commenced to transact business under the fictitious business name or names listed above on N/A. NOTICE- This Fictitious Name Statement expires five years from the date it was filed in the office of the County Clerk. A new Fictitious Business Name Statement must be filed prior to that date. The filing of this statement does not of itself authorize the use in this state of a Fictitious Business Name in violation of the rights of another under Federal, State, or common law (See section 14411 et. seq. Business and Professions Code)Publish: Mountain Views News
Dates Pub: July 28, Aug. 04, 11, 18, 2012
FICTITIOUS BUSINESS NAME STATEMENT
File No. 2012-147990
The following person(s) is (are) doing business as: CENTRAL COMMUNICATIONS, 5100 SUR PL, CENTRAL AVE, LOS ANGELES, CA 90011. Full name of registrant(s) is (are) ELSA MARIBEL PEREZ, 5100 SUR PL, CENTRAL AVE, LOS ANGELES, CA 90011. This Business is conducted by: AN INDIVIDUAL. Signed: ELSA MARIBEL PEREZ. This statement was filed with the County Clerk of Los Angeles County on 07/19/12. The registrant(s) has (have) commenced to transact business under the fictitious business name or names listed above on N/A. NOTICE- This Fictitious Name Statement expires five years from the date it was filed in the office of the County Clerk. A new Fictitious Business Name Statement must be filed prior to that date. The filing of this statement does not of itself authorize the use in this state of a Fictitious Business Name in violation of the rights of another under Federal, State, or common law (See section 14411 et. seq. Business and Professions Code)Publish: Mountain Views News
Dates Pub: July 28, Aug. 04, 11, 18, 2012
FICTITIOUS BUSINESS NAME STATEMENT
File No. 2012-145089
The following person(s) is (are) doing business as: EXCLUSIVE FREIGHT BROKERAGE, 2258 N. SAN ANTONIO AVE, POMONA, CA 91767. Full name of registrant(s) is (are) EDITH GALINDO, 2258 N. SAN ANTONIO AVE, POMONA, CA 91767. This Business is conducted by: AN INDIVIDUAL. Signed: EDITH GALINDO. This statement was filed with the County Clerk of Los Angeles County on 07/23/12. The registrant(s) has (have) commenced to transact business under the fictitious business name or names listed above on 07/2012. NOTICE- This Fictitious Name Statement expires five years from the date it was filed in the office of the County Clerk. A new Fictitious Business Name Statement must be filed prior to that date. The filing of this statement does not of itself authorize the use in this state of a Fictitious Business Name in violation of the rights of another under Federal, State, or common law (See section 14411 et. seq. Business and Professions Code)Publish: Mountain Views News
Dates Pub: July 28, Aug. 04, 11, 18, 2012
FICTITIOUS BUSINESS NAME STATEMENT
File No. 2012-150929
The following person(s) is (are) doing business as: CAPRIOTTI'S SANDWICH SHOP, 1733 LONE HILL AVE, STE 1A, GLENDORA, CA 91740. Full name of registrant(s) is (are) STALLION FOODS, LLC, 4760 W DEWEY DR. STE 139, LAS VEGAS, NV 89118. This Business is conducted by: A LIMITED LIABILITY COMPANY. Signed: JEFFREY S. KLEIN. This statement was filed with the County Clerk of Los Angeles County on 07/25/12. The registrant(s) has (have) commenced to transact business under the fictitious business name or names listed above on N/A. NOTICE- This Fictitious Name Statement expires five years from the date it was filed in the office of the County Clerk. A new Fictitious Business Name Statement must be filed prior to that date. The filing of this statement does not of itself authorize the use in this state of a Fictitious Business Name in violation of the rights of another under Federal, State, or common law (See section 14411 et. seq. Business and Professions Code)Publish: Mountain Views News
Dates Pub: July 28, Aug. 04, 11, 18, 2012
FICTITIOUS BUSINESS NAME STATEMENT
File No. 2012-148071
The following person(s) is (are) doing business as: CAPRIOTTI'S SANDWICH SHOP, 1733 LONE HILL AVE, STE 1A, GLENDORA, CA 91740. Full name of registrant(s) is (are) STALLION FOODS, LLC, 4760 W DEWEY DR. STE 139, LAS VEGAS, NV 89118. This Business is conducted by: A LIMITED LIABILITY COMPANY. Signed: JEFFREY S. KLEIN. This statement was filed with the County Clerk of Los Angeles County on 07/25/12. The registrant(s) has (have) commenced to transact business under the fictitious business name or names listed above on N/A. NOTICE- This Fictitious Name Statement expires five years from the date it was filed in the office of the County Clerk. A new Fictitious Business Name Statement must be filed prior to that date. The filing of this statement does not of itself authorize the use in this state of a Fictitious Business Name in violation of the rights of another under Federal, State, or common law (See section 14411 et. seq. Business and Professions Code)Publish: Mountain Views News
Dates Pub: July 28, Aug. 04, 11, 18, 2012
STATEMENT OF ABANDONMENT OF USE OF FICTITIOUS BUSINESS NAME
File No. 2012-147956
The following person(s) has (have) abandoned the use of the fictitious business name: THE PACIFIC COAST CONSTRUCTION & DESIGN SERVICES, 1809 1/2 E. 5TH ST., LONG BEACH, CA 90802. The fictitious business name referred to above was filed in the office of the County Clerk of Los Angeles County on 04/12/2011. Full name of registrant(s) is (are) A GENERAL PARTNERSHIP. This business was conducted by: A GENERAL PARTNERSHIP. Signed: STEVEN WAMBLER. This statement was filed with the County Clerk of Los Angeles County on 07/24/12. I declare that all information in this statement is true and correct. (A registrant who declares as true information which he or she knows to be false, is guilty of a crime.) Publish: Mountain Views News
Dates Pub: July 28, Aug. 04, 11, 18, 2012
STATEMENT OF ABANDONMENT OF USE OF FICTITIOUS BUSINESS NAME
File No. 2012-148094
The following person(s) has (have) abandoned the use of the fictitious business name: THE PACIFIC COAST CONSTRUCTION & DESIGN SERVICES, 1809 1/2 E. 5TH ST., LONG BEACH, CA 90802. The fictitious business name referred to above was filed in the office of the County Clerk of Los Angeles County on 04/12/2011. Full name of registrant(s) is (are) A GENERAL PARTNERSHIP. This business was conducted by: A GENERAL PARTNERSHIP. Signed: STEVEN WAMBLER. This statement was filed with the County Clerk of Los Angeles County on 07/24/12. I declare that all information in this statement is true and correct. (A registrant who declares as true information which he or she knows to be false, is guilty of a crime.) Publish: Mountain Views News
Dates Pub: July 28, Aug. 04, 11, 18, 2012
FICTITIOUS BUSINESS NAME STATEMENT
File No. 2012-147969
The following person(s) is (are) doing business as: CAPRIOTTI'S SANDWICH SHOP, 1733 LONE HILL AVE, STE 1A, GLENDORA, CA 91740. Full name of registrant(s) is (are) STALLION FOODS, LLC, 4760 W DEWEY DR. STE 139, LAS VEGAS, NV 89118. This Business is conducted by: A LIMITED LIABILITY COMPANY. Signed: JEFFREY S. KLEIN. This statement was filed with the County Clerk of Los Angeles County on 07/25/12. The registrant(s) has (have) commenced to transact business under the fictitious business name or names listed above on N/A. NOTICE- This Fictitious Name Statement expires five years from the date it was filed in the office of the County Clerk. A new Fictitious Business Name Statement must be filed prior to that date. The filing of this statement does not of itself authorize the use in this state of a Fictitious Business Name in violation of the rights of another under Federal, State, or common law (See section 14411 et. seq. Business and Professions Code)Publish: Mountain Views News
Dates Pub: July 28, Aug. 04, 11, 18, 2012
FICTITIOUS BUSINESS NAME STATEMENT
File No. 2012-149955
The following person(s) is (are) doing business as: CENTRAL COMMUNICATIONS, 5100 SUR PL, CENTRAL AVE, LOS ANGELES, CA 90011. Full name of registrant(s) is (are) ELSA MARIBEL PEREZ, 5100 SUR PL, CENTRAL AVE, LOS ANGELES, CA 90011. This Business is conducted by: AN INDIVIDUAL. Signed: ELSA MARIBEL PEREZ. This statement was filed with the County Clerk of Los Angeles County on 07/19/12. The registrant(s) has (have) commenced to transact business under the fictitious business name or names listed above on N/A. NOTICE- This Fictitious Name Statement expires five years from the date it was filed in the office of the County Clerk. A new Fictitious Business Name Statement must be filed prior to that date. The filing of this statement does not of itself authorize the use in this state of a Fictitious Business Name in violation of the rights of another under Federal, State, or common law (See section 14411 et. seq. Business and Professions Code)Publish: Mountain Views News
Dates Pub: July 28, Aug. 04, 11, 18, 2012
FICTITIOUS BUSINESS NAME STATEMENT
File No. 2012-149643
The following person(s) is (are) doing business as: EXCLUSIVE FREIGHT BROKERAGE, 2258 N. SAN ANTONIO AVE, POMONA, CA 91767. Full name of registrant(s) is (are) EDITH GALINDO, 2258 N. SAN ANTONIO AVE, POMONA, CA 91767. This Business is conducted by: AN INDIVIDUAL. Signed: EDITH GALINDO. This statement was filed with the County Clerk of Los Angeles County on 07/23/12. The registrant(s) has (have) commenced to transact business under the fictitious business name or names listed above on 07/2012. NOTICE- This Fictitious Name Statement expires five years from the date it was filed in the office of the County Clerk. A new Fictitious Business Name Statement must be filed prior to that date. The filing of this statement does not of itself authorize the use in this state of a Fictitious Business Name in violation of the rights of another under Federal, State, or common law (See section 14411 et. seq. Business and Professions Code)Publish: Mountain Views News
Dates Pub: July 28, Aug. 04, 11, 18, 2012
FICTITIOUS BUSINESS NAME STATEMENT
File No. 2012-147899
The following person(s) is (are) doing business as: CAPRIOTTI'S SANDWICH SHOP, 1733 LONE HILL AVE, STE 1A, GLENDORA, CA 91740. Full name of registrant(s) is (are) STALLION FOODS, LLC, 4760 W DEWEY DR. STE 139, LAS VEGAS, NV 89118. This Business is conducted by: A LIMITED LIABILITY COMPANY. Signed: JEFFREY S. KLEIN. This statement was filed with the County Clerk of Los Angeles County on 07/25/12. The registrant(s) has (have) commenced to transact business under the fictitious business name or names listed above on N/A. NOTICE- This Fictitious Name Statement expires five years from the date it was filed in the office of the County Clerk. A new Fictitious Business Name Statement must be filed prior to that date. The filing of this statement does not of itself authorize the use in this state of a Fictitious Business Name in violation of the rights of another under Federal, State, or common law (See section 14411 et. seq. Business and Professions Code)Publish: Mountain Views News
Dates Pub: July 28, Aug. 04, 11, 18, 2012
Mountain Views News 80 W Sierra Madre Blvd. No. 327 Sierra Madre, Ca. 91024 Office: 626.355.2737 Fax: 626.609.3285 Email: editor@mtnviewsnews.com Website: www.mtnviewsnews.com
